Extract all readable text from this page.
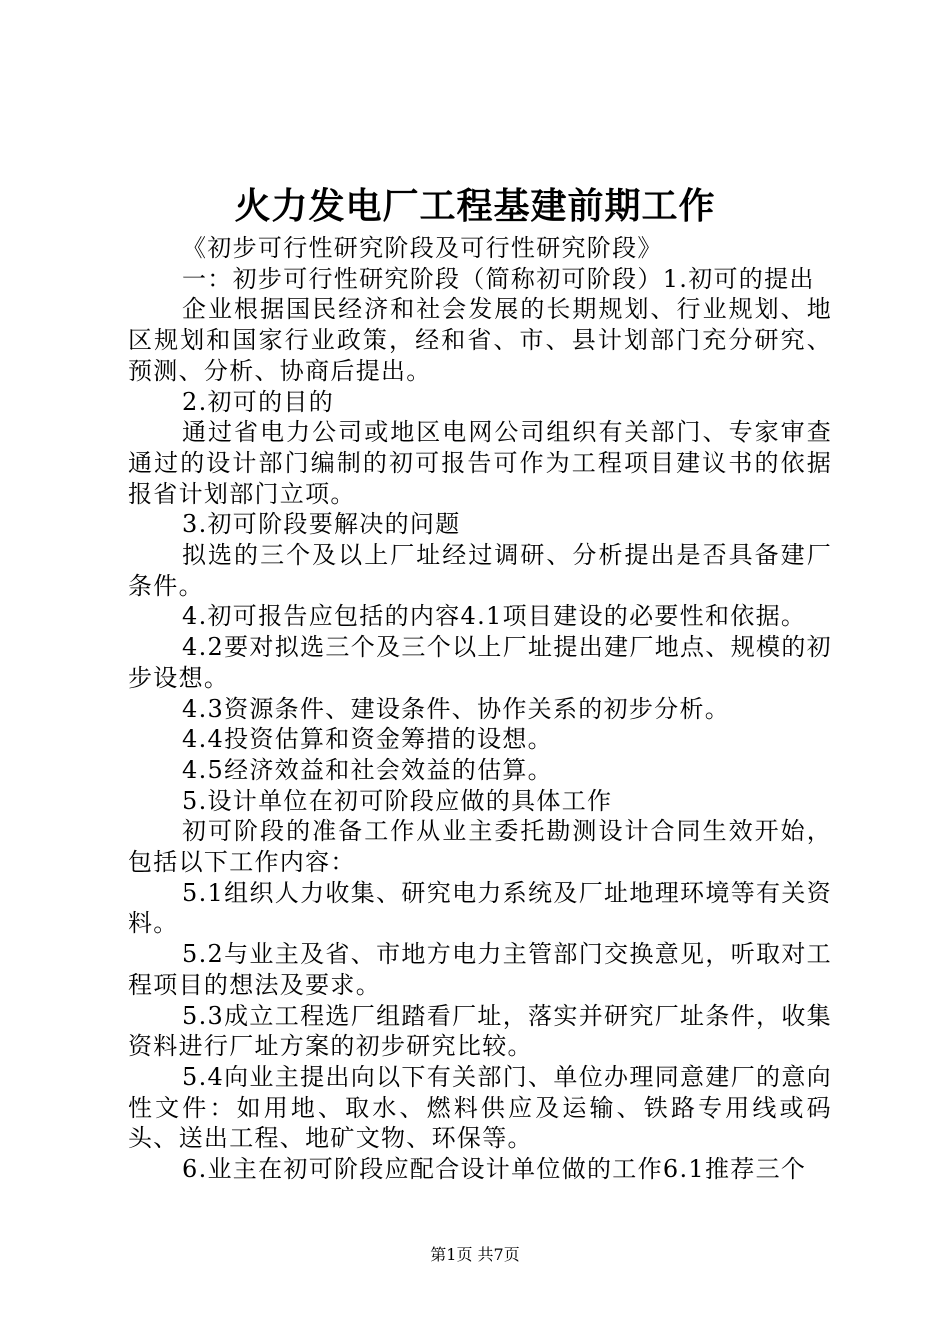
火力发电厂工程基建前期工作

《初步可行性研究阶段及可行性研究阶段》

一：初步可行性研究阶段（简称初可阶段）1.初可的提出

企业根据国民经济和社会发展的长期规划、行业规划、地区规划和国家行业政策，经和省、市、县计划部门充分研究、预测、分析、协商后提出。

2.初可的目的

通过省电力公司或地区电网公司组织有关部门、专家审查通过的设计部门编制的初可报告可作为工程项目建议书的依据报省计划部门立项。

3.初可阶段要解决的问题

拟选的三个及以上厂址经过调研、分析提出是否具备建厂条件。

4.初可报告应包括的内容4.1项目建设的必要性和依据。

4.2要对拟选三个及三个以上厂址提出建厂地点、规模的初步设想。

4.3资源条件、建设条件、协作关系的初步分析。

4.4投资估算和资金筹措的设想。

4.5经济效益和社会效益的估算。

5.设计单位在初可阶段应做的具体工作

初可阶段的准备工作从业主委托勘测设计合同生效开始，包括以下工作内容：

5.1组织人力收集、研究电力系统及厂址地理环境等有关资料。

5.2与业主及省、市地方电力主管部门交换意见，听取对工程项目的想法及要求。

5.3成立工程选厂组踏看厂址，落实并研究厂址条件，收集资料进行厂址方案的初步研究比较。

5.4向业主提出向以下有关部门、单位办理同意建厂的意向性文件：如用地、取水、燃料供应及运输、铁路专用线或码头、送出工程、地矿文物、环保等。

6.业主在初可阶段应配合设计单位做的工作6.1推荐三个

第1页 共7页
